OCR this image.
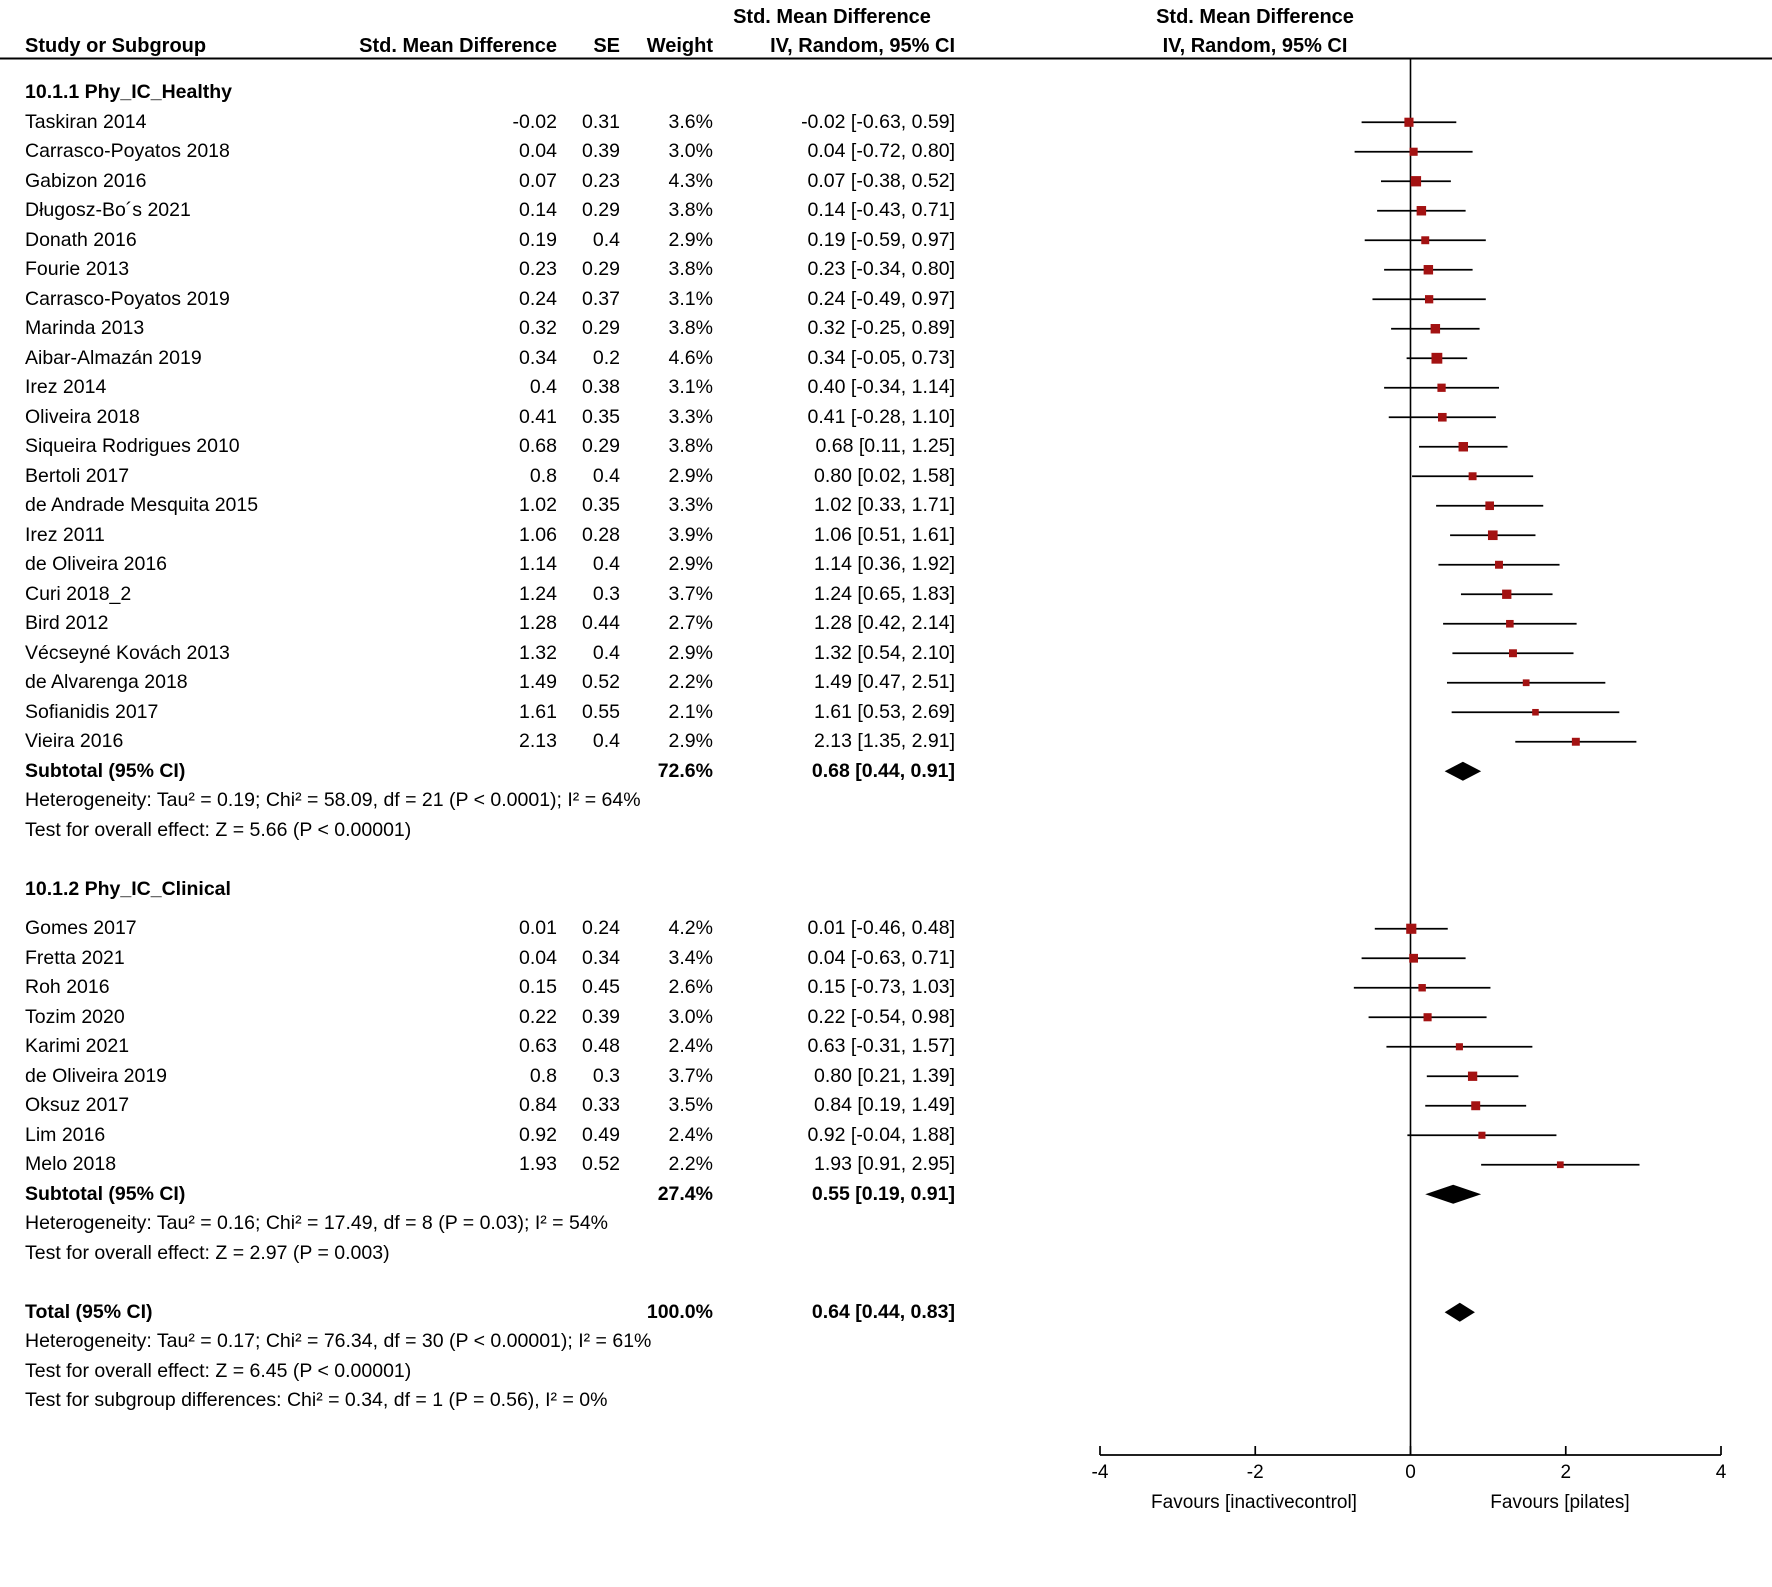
Std. Mean Difference	Std. Mean Difference
Study or Subgroup	Std. Mean Difference SE Weight	IV, Random, 95% CI	IV, Random, 95% CI
10.1.1 Phy_IC_Healthy
Taskiran 2014	-0.02 0.31 3.6%	-0.02 [-0.63, 0.59]
Carrasco-Poyatos 2018	0.04 0.39 3.0%	0.04 [-0.72, 0.80]
Gabizon 2016	0.07 0.23 4.3%	0.07 [-0.38, 0.52]
Długosz-Bo´s 2021	0.14 0.29 3.8%	0.14 [-0.43, 0.71]
Donath 2016	0.19 0.4 2.9%	0.19 [-0.59, 0.97]
Fourie 2013	0.23 0.29 3.8%	0.23 [-0.34, 0.80]
Carrasco-Poyatos 2019	0.24 0.37 3.1%	0.24 [-0.49, 0.97]
Marinda 2013	0.32 0.29 3.8%	0.32 [-0.25, 0.89]
Aibar-Almazán 2019	0.34 0.2 4.6%	0.34 [-0.05, 0.73]
Irez 2014	0.4 0.38 3.1%	0.40 [-0.34, 1.14]
Oliveira 2018	0.41 0.35 3.3%	0.41 [-0.28, 1.10]
Siqueira Rodrigues 2010	0.68 0.29 3.8%	0.68 [0.11, 1.25]
Bertoli 2017	0.8 0.4 2.9%	0.80 [0.02, 1.58]
de Andrade Mesquita 2015	1.02 0.35 3.3%	1.02 [0.33, 1.71]
Irez 2011	1.06 0.28 3.9%	1.06 [0.51, 1.61]
de Oliveira 2016	1.14 0.4 2.9%	1.14 [0.36, 1.92]
Curi 2018_2	1.24 0.3 3.7%	1.24 [0.65, 1.83]
Bird 2012	1.28 0.44 2.7%	1.28 [0.42, 2.14]
Vécseyné Kovách 2013	1.32 0.4 2.9%	1.32 [0.54, 2.10]
de Alvarenga 2018	1.49 0.52 2.2%	1.49 [0.47, 2.51]
Sofianidis 2017	1.61 0.55 2.1%	1.61 [0.53, 2.69]
Vieira 2016	2.13 0.4 2.9%	2.13 [1.35, 2.91]
Subtotal (95% CI)	72.6%	0.68 [0.44, 0.91]
Heterogeneity: Tau² = 0.19; Chi² = 58.09, df = 21 (P < 0.0001); I² = 64%
Test for overall effect: Z = 5.66 (P < 0.00001)
10.1.2 Phy_IC_Clinical
Gomes 2017	0.01 0.24 4.2%	0.01 [-0.46, 0.48]
Fretta 2021	0.04 0.34 3.4%	0.04 [-0.63, 0.71]
Roh 2016	0.15 0.45 2.6%	0.15 [-0.73, 1.03]
Tozim 2020	0.22 0.39 3.0%	0.22 [-0.54, 0.98]
Karimi 2021	0.63 0.48 2.4%	0.63 [-0.31, 1.57]
de Oliveira 2019	0.8 0.3 3.7%	0.80 [0.21, 1.39]
Oksuz 2017	0.84 0.33 3.5%	0.84 [0.19, 1.49]
Lim 2016	0.92 0.49 2.4%	0.92 [-0.04, 1.88]
Melo 2018	1.93 0.52 2.2%	1.93 [0.91, 2.95]
Subtotal (95% CI)	27.4%	0.55 [0.19, 0.91]
Heterogeneity: Tau² = 0.16; Chi² = 17.49, df = 8 (P = 0.03); I² = 54%
Test for overall effect: Z = 2.97 (P = 0.003)
Total (95% CI)	100.0%	0.64 [0.44, 0.83]
Heterogeneity: Tau² = 0.17; Chi² = 76.34, df = 30 (P < 0.00001); I² = 61%
Test for overall effect: Z = 6.45 (P < 0.00001)
Test for subgroup differences: Chi² = 0.34, df = 1 (P = 0.56), I² = 0%
-4	-2	0	2	4
Favours [inactivecontrol]	Favours [pilates]
